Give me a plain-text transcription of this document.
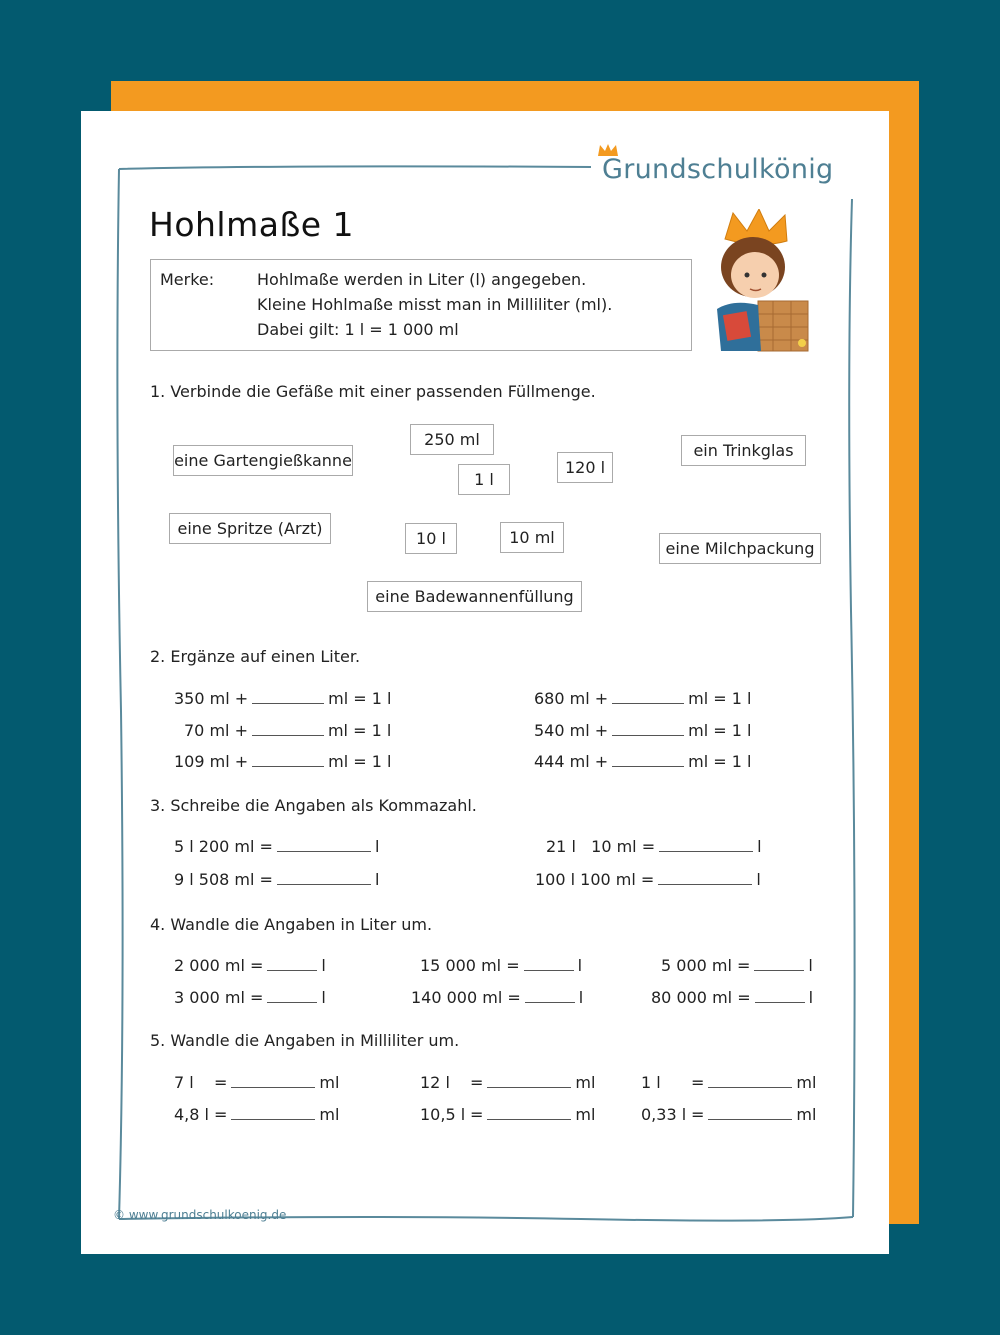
Grundschulkönig
Hohlmaße 1
Merke:	Hohlmaße werden in Liter (l) angegeben.
Kleine Hohlmaße misst man in Milliliter (ml).
Dabei gilt: 1 l = 1 000 ml
1. Verbinde die Gefäße mit einer passenden Füllmenge.
eine Gartengießkanne
250 ml
1 l
120 l
ein Trinkglas
eine Spritze (Arzt)
10 l	10 ml
eine Milchpackung
eine Badewannenfüllung
2. Ergänze auf einen Liter.
350 ml +	ml = 1 l
70 ml +	ml = 1 l
109 ml +	ml = 1 l
680 ml +	ml = 1 l
540 ml +	ml = 1 l
444 ml +	ml = 1 l
3. Schreibe die Angaben als Kommazahl.
5 l 200 ml =	l
9 l 508 ml =	l
21 l   10 ml =	l
100 l 100 ml =	l
4. Wandle die Angaben in Liter um.
2 000 ml =	l
3 000 ml =	l
15 000 ml =	l
140 000 ml =	l
5 000 ml =	l
80 000 ml =	l
5. Wandle die Angaben in Milliliter um.
7 l =	ml
4,8 l =	ml
12 l =	ml
10,5 l =	ml
1 l =	ml
0,33 l =	ml
© www.grundschulkoenig.de
